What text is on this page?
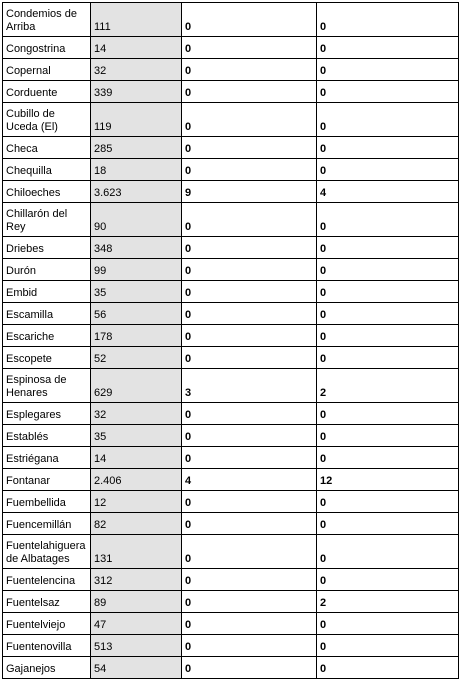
Condemios de Arriba	111	0	0
Congostrina	14	0	0
Copernal	32	0	0
Corduente	339	0	0
Cubillo de Uceda (El)	119	0	0
Checa	285	0	0
Chequilla	18	0	0
Chiloeches	3.623	9	4
Chillarón del Rey	90	0	0
Driebes	348	0	0
Durón	99	0	0
Embid	35	0	0
Escamilla	56	0	0
Escariche	178	0	0
Escopete	52	0	0
Espinosa de Henares	629	3	2
Esplegares	32	0	0
Establés	35	0	0
Estriégana	14	0	0
Fontanar	2.406	4	12
Fuembellida	12	0	0
Fuencemillán	82	0	0
Fuentelahiguera de Albatages	131	0	0
Fuentelencina	312	0	0
Fuentelsaz	89	0	2
Fuentelviejo	47	0	0
Fuentenovilla	513	0	0
Gajanejos	54	0	0
